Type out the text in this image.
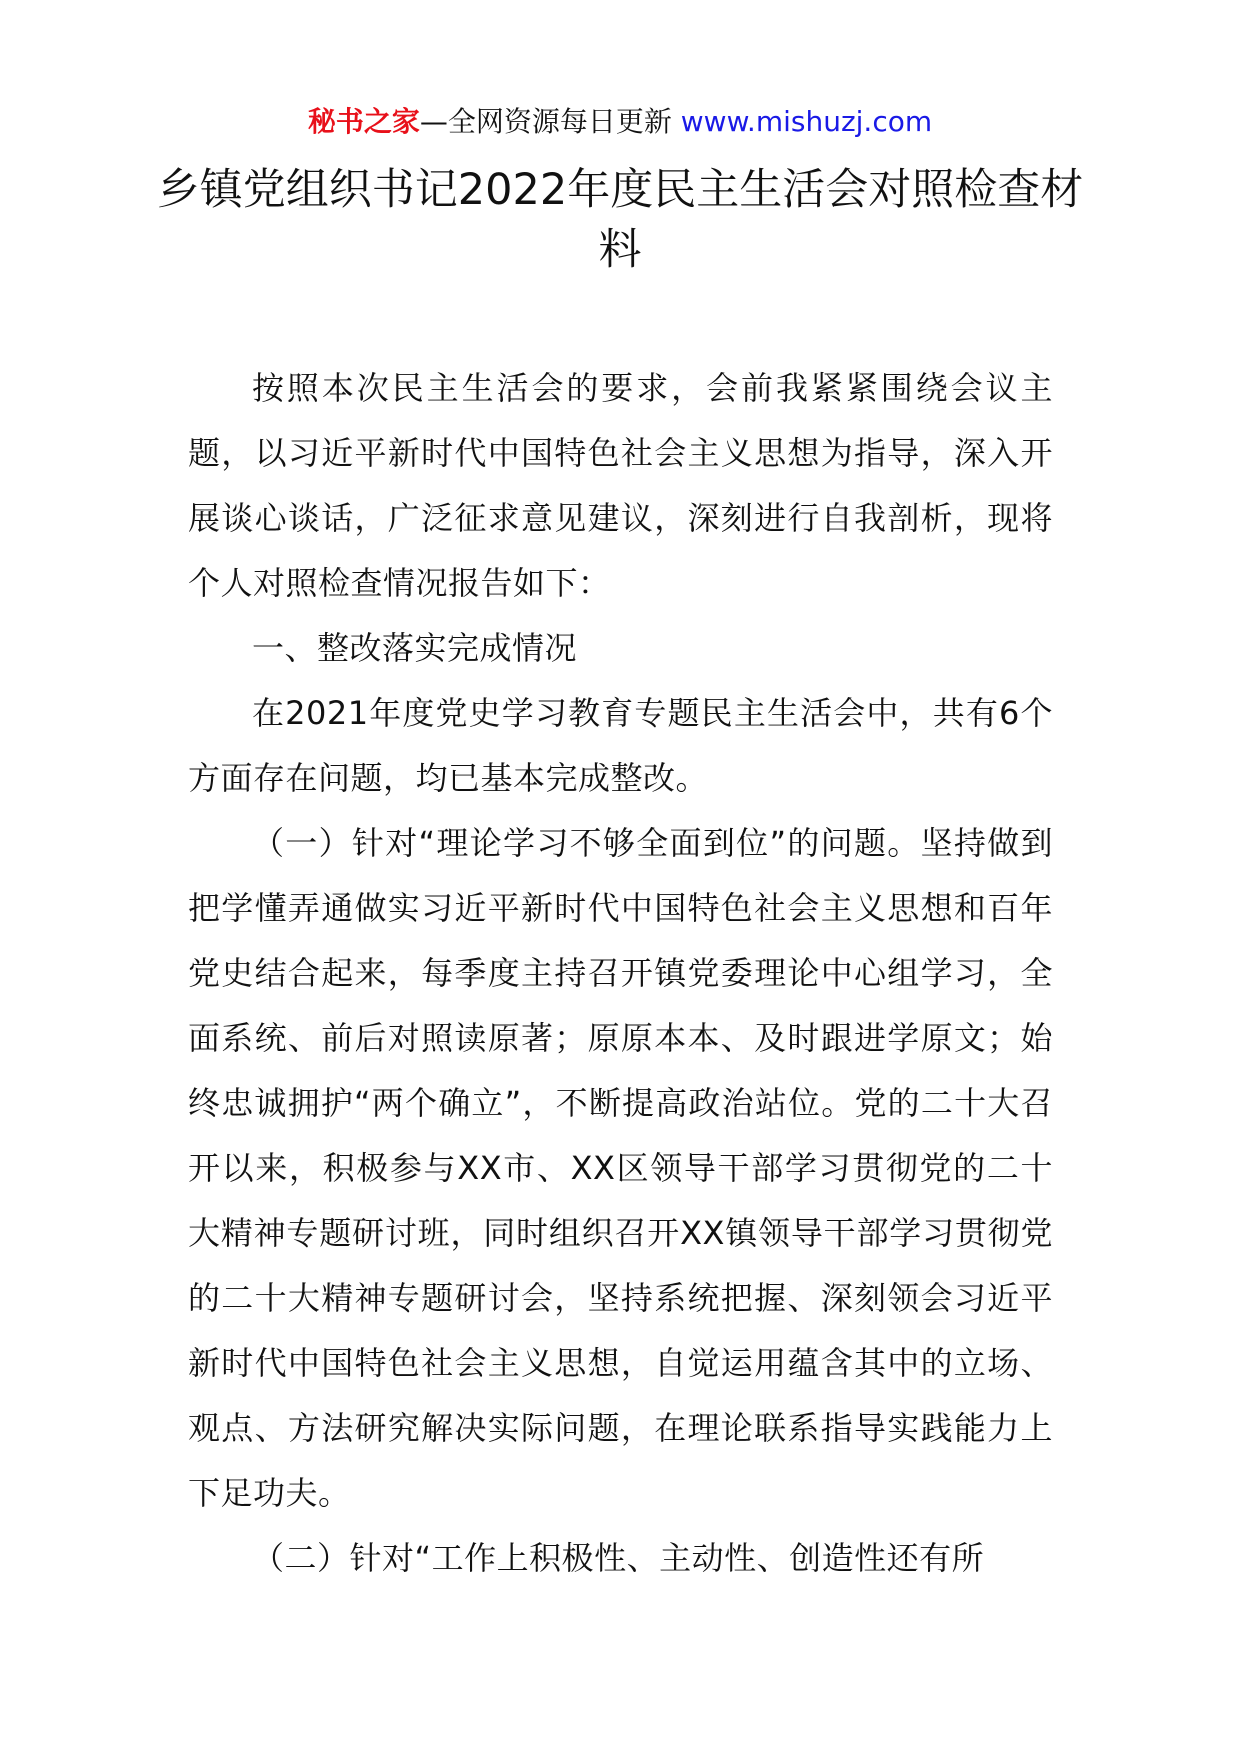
秘书之家—全网资源每日更新 www.mishuzj.com
乡镇党组织书记2022年度民主生活会对照检查材料

按照本次民主生活会的要求，会前我紧紧围绕会议主题，以习近平新时代中国特色社会主义思想为指导，深入开展谈心谈话，广泛征求意见建议，深刻进行自我剖析，现将个人对照检查情况报告如下：

一、整改落实完成情况

在2021年度党史学习教育专题民主生活会中，共有6个方面存在问题，均已基本完成整改。

（一）针对“理论学习不够全面到位”的问题。坚持做到把学懂弄通做实习近平新时代中国特色社会主义思想和百年党史结合起来，每季度主持召开镇党委理论中心组学习，全面系统、前后对照读原著；原原本本、及时跟进学原文；始终忠诚拥护“两个确立”，不断提高政治站位。党的二十大召开以来，积极参与XX市、XX区领导干部学习贯彻党的二十大精神专题研讨班，同时组织召开XX镇领导干部学习贯彻党的二十大精神专题研讨会，坚持系统把握、深刻领会习近平新时代中国特色社会主义思想，自觉运用蕴含其中的立场、观点、方法研究解决实际问题，在理论联系指导实践能力上下足功夫。

（二）针对“工作上积极性、主动性、创造性还有所
